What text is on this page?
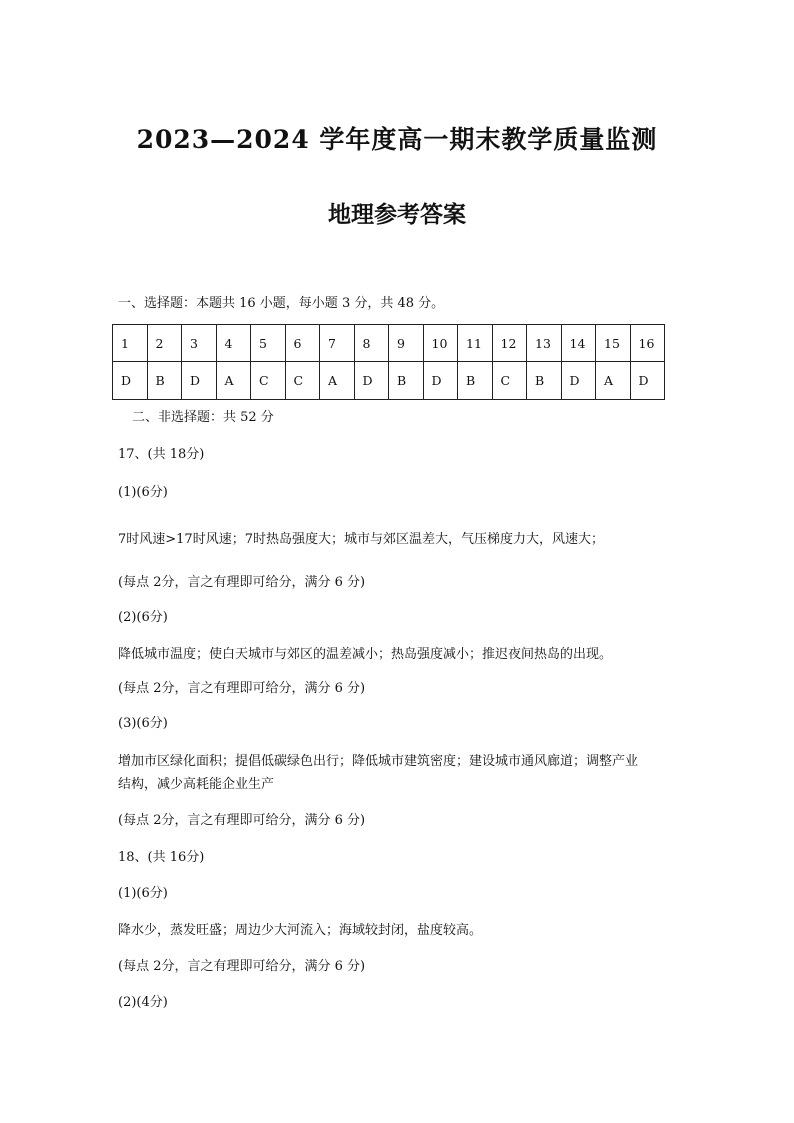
2023—2024 学年度高一期末教学质量监测
地理参考答案
一、选择题：本题共 16 小题，每小题 3 分，共 48 分。
1	2	3	4	5	6	7	8	9	10	11	12	13	14	15	16
D	B	D	A	C	C	A	D	B	D	B	C	B	D	A	D
二、非选择题：共 52 分
17、(共 18分)
(1)(6分)
7时风速>17时风速；7时热岛强度大；城市与郊区温差大，气压梯度力大，风速大；
(每点 2分，言之有理即可给分，满分 6 分)
(2)(6分)
降低城市温度；使白天城市与郊区的温差减小；热岛强度减小；推迟夜间热岛的出现。
(每点 2分，言之有理即可给分，满分 6 分)
(3)(6分)
增加市区绿化面积；提倡低碳绿色出行；降低城市建筑密度；建设城市通风廊道；调整产业
结构，减少高耗能企业生产
(每点 2分，言之有理即可给分，满分 6 分)
18、(共 16分)
(1)(6分)
降水少，蒸发旺盛；周边少大河流入；海域较封闭，盐度较高。
(每点 2分，言之有理即可给分，满分 6 分)
(2)(4分)
